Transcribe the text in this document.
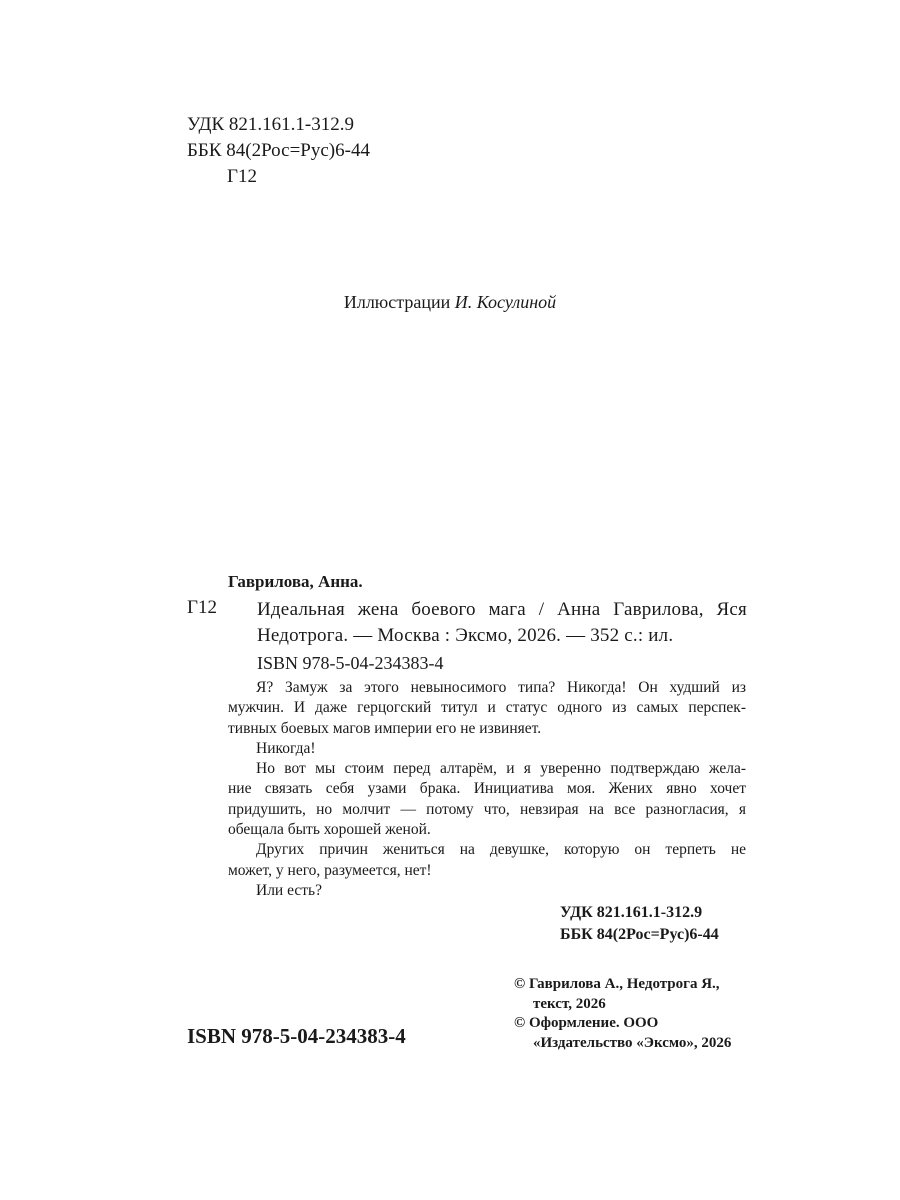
УДК 821.161.1-312.9
ББК 84(2Рос=Рус)6-44
Г12
Иллюстрации И. Косулиной
Гаврилова, Анна.
Г12 Идеальная жена боевого мага / Анна Гаврилова, Яся
Недотрога. — Москва : Эксмо, 2026. — 352 с.: ил.
ISBN 978-5-04-234383-4
Я? Замуж за этого невыносимого типа? Никогда! Он худший из
мужчин. И даже герцогский титул и статус одного из самых перспек-
тивных боевых магов империи его не извиняет.
Никогда!
Но вот мы стоим перед алтарём, и я уверенно подтверждаю жела-
ние связать себя узами брака. Инициатива моя. Жених явно хочет
придушить, но молчит — потому что, невзирая на все разногласия, я
обещала быть хорошей женой.
Других причин жениться на девушке, которую он терпеть не
может, у него, разумеется, нет!
Или есть?
УДК 821.161.1-312.9
ББК 84(2Рос=Рус)6-44
© Гаврилова А., Недотрога Я.,
текст, 2026
© Оформление. ООО
«Издательство «Эксмо», 2026
ISBN 978-5-04-234383-4
